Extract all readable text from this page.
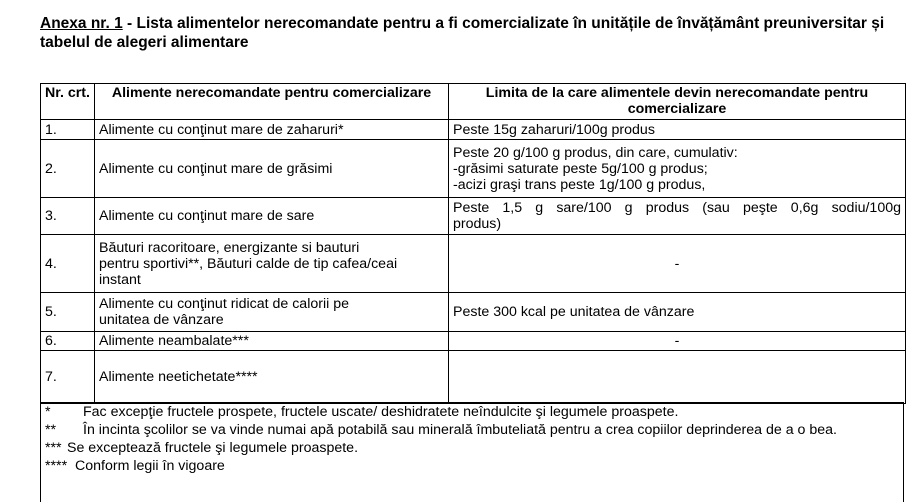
Anexa nr. 1 - Lista alimentelor nerecomandate pentru a fi comercializate în unitățile de învățământ preuniversitar și tabelul de alegeri alimentare
Nr. crt.	Alimente nerecomandate pentru comercializare	Limita de la care alimentele devin nerecomandate pentru comercializare
1.	Alimente cu conţinut mare de zaharuri*	Peste 15g zaharuri/100g produs
2.	Alimente cu conţinut mare de grăsimi	Peste 20 g/100 g produs, din care, cumulativ:
-grăsimi saturate peste 5g/100 g produs;
-acizi graşi trans peste 1g/100 g produs,

3.	Alimente cu conţinut mare de sare	Peste 1,5 g sare/100 g produs (sau peşte 0,6g sodiu/100g
produs)

4.	Băuturi racoritoare, energizante si bauturi
pentru sportivi**, Băuturi calde de tip cafea/ceai
instant	-
5.	Alimente cu conţinut ridicat de calorii pe
unitatea de vânzare	Peste 300 kcal pe unitatea de vânzare
6.	Alimente neambalate***	-
7.	Alimente neetichetate****	
*	Fac excepţie fructele prospete, fructele uscate/ deshidratete neîndulcite şi legumele proaspete.
**	În incinta şcolilor se va vinde numai apă potabilă sau minerală îmbuteliată pentru a crea copiilor deprinderea de a o bea.
*** Se exceptează fructele şi legumele proaspete.
**** Conform legii în vigoare
